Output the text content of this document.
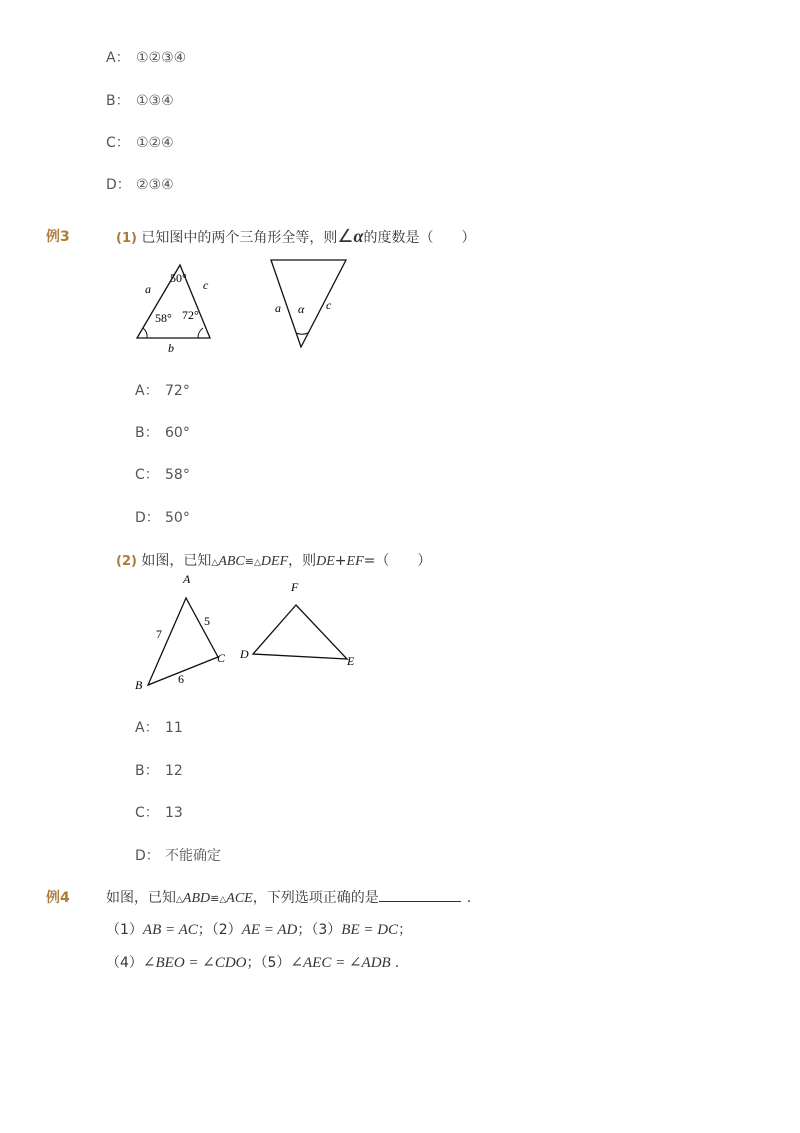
A： ①②③④
B： ①③④
C： ①②④
D： ②③④
例3	(1) 已知图中的两个三角形全等，则∠α的度数是（　　）
50°
58° 72°
a	c
b
a	c
α
A： 72°
B： 60°
C： 58°
D： 50°
(2) 如图，已知△ABC≌△DEF，则DE+EF=（　　）
A
B
C
7
5
6
F
D	E
A： 11
B： 12
C： 13
D： 不能确定
例4	如图，已知△ABD≌△ACE，下列选项正确的是	.
（1）AB = AC；（2）AE = AD；（3）BE = DC；
（4）∠BEO = ∠CDO；（5）∠AEC = ∠ADB .
